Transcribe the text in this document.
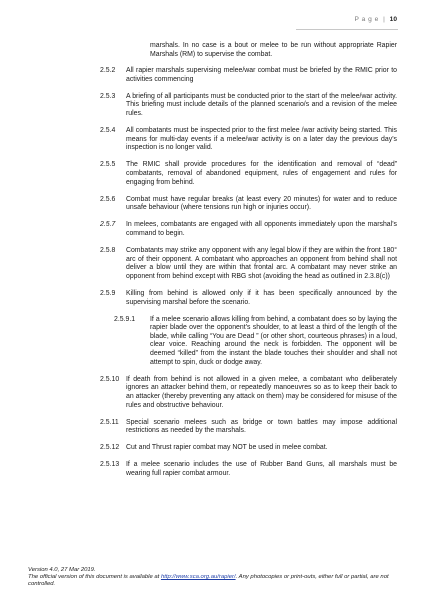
P a g e | 10
marshals. In no case is a bout or melee to be run without appropriate Rapier Marshals (RM) to supervise the combat.
2.5.2	All rapier marshals supervising melee/war combat must be briefed by the RMIC prior to activities commencing
2.5.3	A briefing of all participants must be conducted prior to the start of the melee/war activity. This briefing must include details of the planned scenario/s and a revision of the melee rules.
2.5.4	All combatants must be inspected prior to the first melee /war activity being started. This means for multi-day events if a melee/war activity is on a later day the previous day’s inspection is no longer valid.
2.5.5	The RMIC shall provide procedures for the identification and removal of “dead” combatants, removal of abandoned equipment, rules of engagement and rules for engaging from behind.
2.5.6	Combat must have regular breaks (at least every 20 minutes) for water and to reduce unsafe behaviour (where tensions run high or injuries occur).
2.5.7	In melees, combatants are engaged with all opponents immediately upon the marshal’s command to begin.
2.5.8	Combatants may strike any opponent with any legal blow if they are within the front 180° arc of their opponent. A combatant who approaches an opponent from behind shall not deliver a blow until they are within that frontal arc. A combatant may never strike an opponent from behind except with RBG shot (avoiding the head as outlined in 2.3.8(c))
2.5.9	Killing from behind is allowed only if it has been specifically announced by the supervising marshal before the scenario.
2.5.9.1 If a melee scenario allows killing from behind, a combatant does so by laying the rapier blade over the opponent’s shoulder, to at least a third of the length of the blade, while calling “You are Dead ” (or other short, courteous phrases) in a loud, clear voice. Reaching around the neck is forbidden. The opponent will be deemed “killed” from the instant the blade touches their shoulder and shall not attempt to spin, duck or dodge away.
2.5.10 If death from behind is not allowed in a given melee, a combatant who deliberately ignores an attacker behind them, or repeatedly manoeuvres so as to keep their back to an attacker (thereby preventing any attack on them) may be considered for misuse of the rules and obstructive behaviour.
2.5.11	Special scenario melees such as bridge or town battles may impose additional restrictions as needed by the marshals.
2.5.12 Cut and Thrust rapier combat may NOT be used in melee combat.
2.5.13 If a melee scenario includes the use of Rubber Band Guns, all marshals must be wearing full rapier combat armour.
Version 4.0, 27 Mar 2019.
The official version of this document is available at http://www.sca.org.au/rapier/. Any photocopies or print-outs, either full or partial, are not controlled.
